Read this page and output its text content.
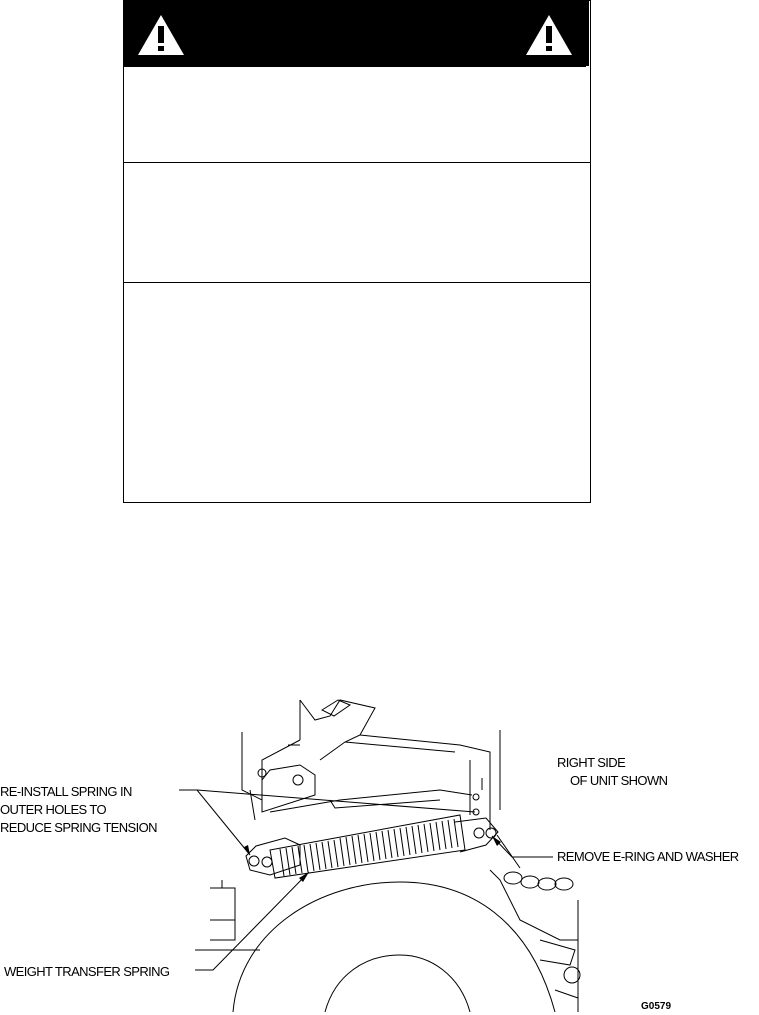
RIGHT SIDE
OF UNIT SHOWN
RE-INSTALL SPRING IN
OUTER HOLES TO
REDUCE SPRING TENSION
REMOVE E-RING AND WASHER
WEIGHT TRANSFER SPRING
G0579
